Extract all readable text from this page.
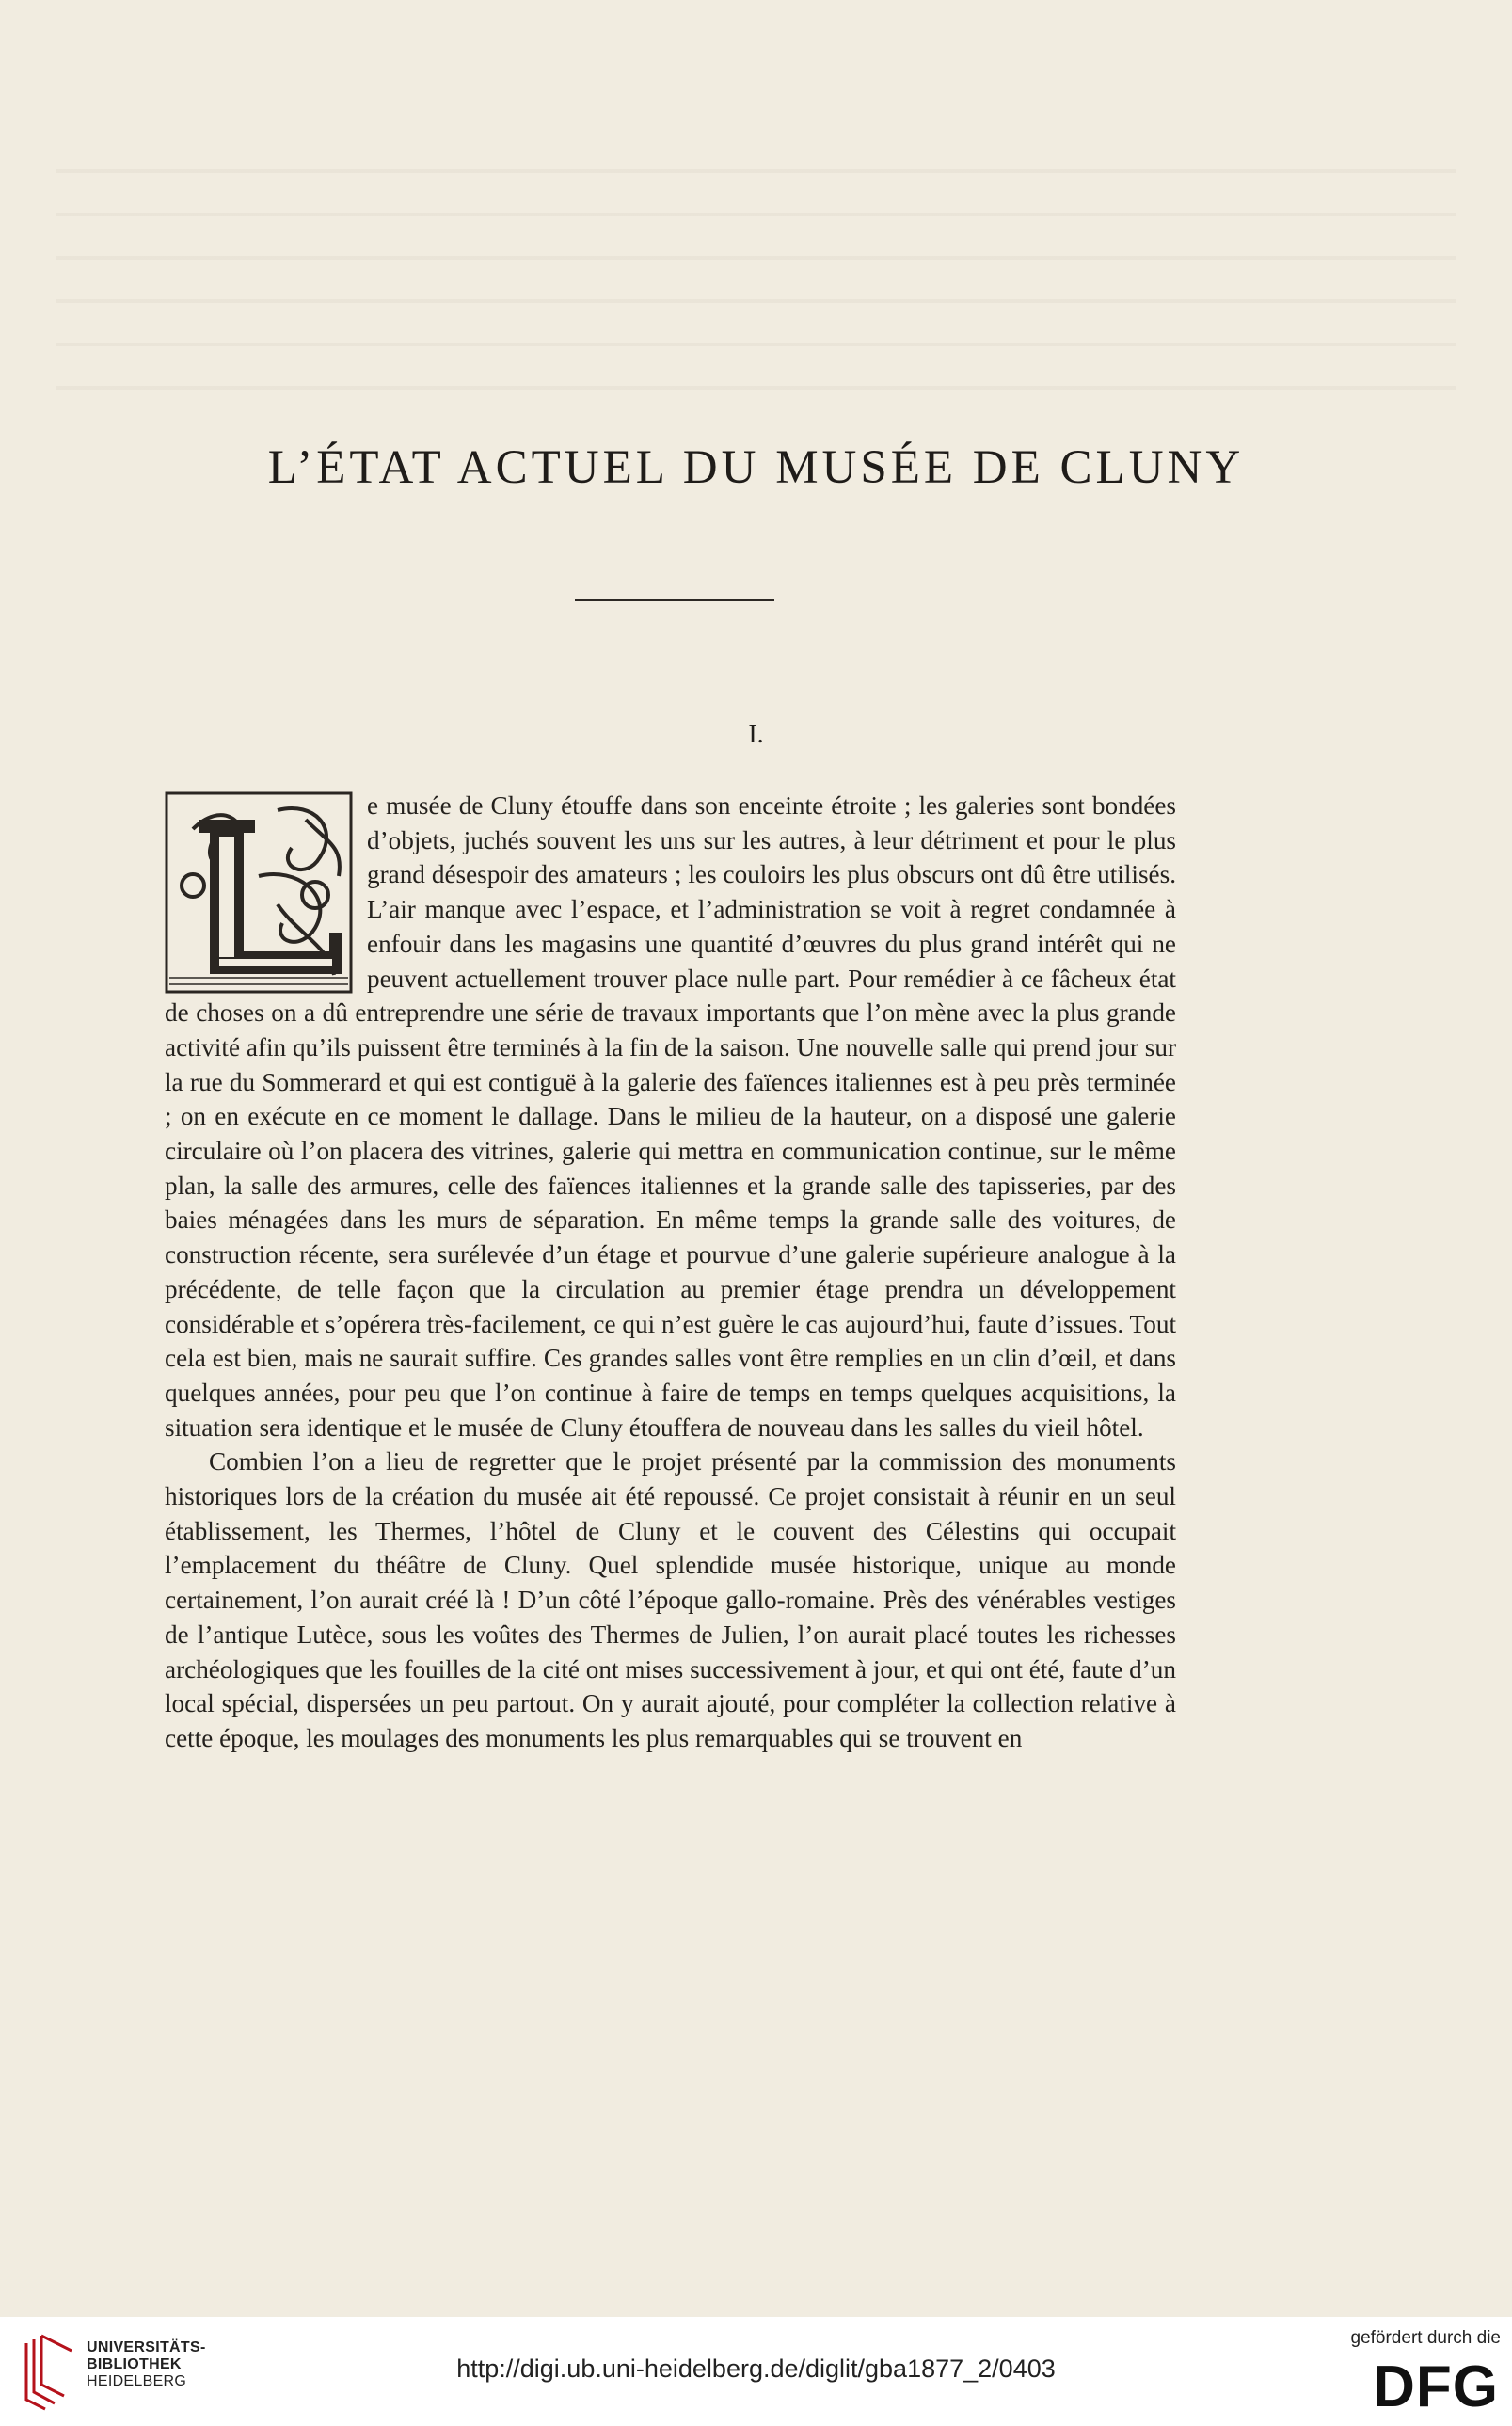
L’ÉTAT ACTUEL DU MUSÉE DE CLUNY
I.

e musée de Cluny étouffe dans son enceinte étroite ; les galeries sont bondées d’objets, juchés souvent les uns sur les autres, à leur détriment et pour le plus grand désespoir des amateurs ; les couloirs les plus obscurs ont dû être utilisés. L’air manque avec l’espace, et l’administration se voit à regret condamnée à enfouir dans les magasins une quantité d’œuvres du plus grand intérêt qui ne peuvent actuellement trouver place nulle part. Pour remédier à ce fâcheux état de choses on a dû entreprendre une série de travaux importants que l’on mène avec la plus grande activité afin qu’ils puissent être terminés à la fin de la saison. Une nouvelle salle qui prend jour sur la rue du Sommerard et qui est contiguë à la galerie des faïences italiennes est à peu près terminée ; on en exécute en ce moment le dallage. Dans le milieu de la hauteur, on a disposé une galerie circulaire où l’on placera des vitrines, galerie qui mettra en communication continue, sur le même plan, la salle des armures, celle des faïences italiennes et la grande salle des tapisseries, par des baies ménagées dans les murs de séparation. En même temps la grande salle des voitures, de construction récente, sera surélevée d’un étage et pourvue d’une galerie supérieure analogue à la précédente, de telle façon que la circulation au premier étage prendra un développement considérable et s’opérera très-facilement, ce qui n’est guère le cas aujourd’hui, faute d’issues. Tout cela est bien, mais ne saurait suffire. Ces grandes salles vont être remplies en un clin d’œil, et dans quelques années, pour peu que l’on continue à faire de temps en temps quelques acquisitions, la situation sera identique et le musée de Cluny étouffera de nouveau dans les salles du vieil hôtel.

Combien l’on a lieu de regretter que le projet présenté par la commission des monuments historiques lors de la création du musée ait été repoussé. Ce projet consistait à réunir en un seul établissement, les Thermes, l’hôtel de Cluny et le couvent des Célestins qui occupait l’emplacement du théâtre de Cluny. Quel splendide musée historique, unique au monde certainement, l’on aurait créé là ! D’un côté l’époque gallo-romaine. Près des vénérables vestiges de l’antique Lutèce, sous les voûtes des Thermes de Julien, l’on aurait placé toutes les richesses archéologiques que les fouilles de la cité ont mises successivement à jour, et qui ont été, faute d’un local spécial, dispersées un peu partout. On y aurait ajouté, pour compléter la collection relative à cette époque, les moulages des monuments les plus remarquables qui se trouvent en

UNIVERSITÄTS-
BIBLIOTHEK
HEIDELBERG	http://digi.ub.uni-heidelberg.de/diglit/gba1877_2/0403
gefördert durch die
DFG
